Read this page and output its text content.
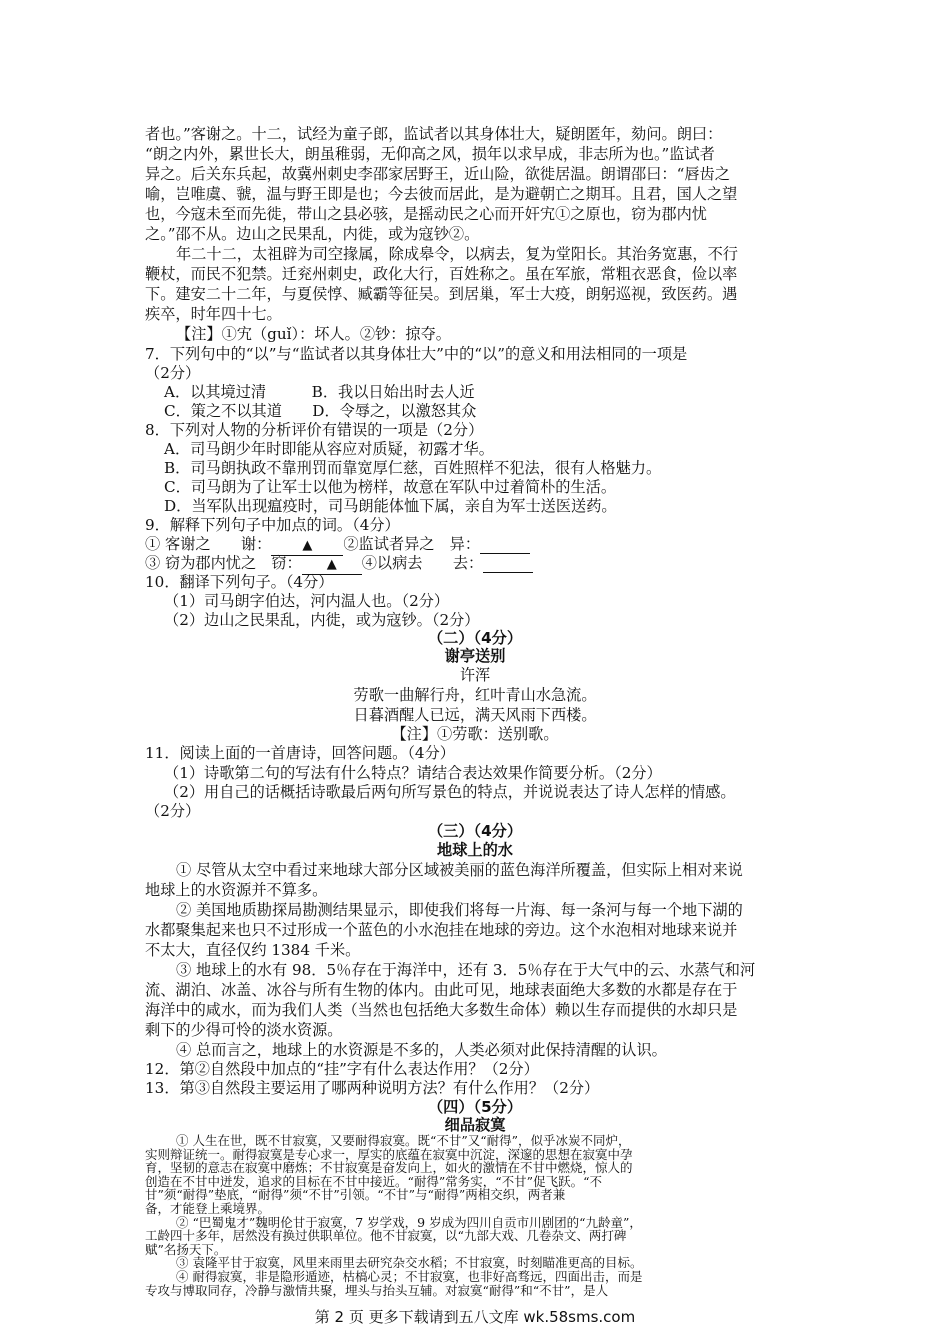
者也。”客谢之。十二，试经为童子郎，监试者以其身体壮大，疑朗匿年，劾问。朗曰：
“朗之内外，累世长大，朗虽稚弱，无仰高之风，损年以求早成，非志所为也。”监试者
异之。后关东兵起，故冀州刺史李邵家居野王，近山险，欲徙居温。朗谓邵曰：“唇齿之
喻，岂唯虞、虢，温与野王即是也；今去彼而居此，是为避朝亡之期耳。且君，国人之望
也，今寇未至而先徙，带山之县必骇，是摇动民之心而开奸宄①之原也，窃为郡内忧
之。”邵不从。边山之民果乱，内徙，或为寇钞②。
年二十二，太祖辟为司空掾属，除成皋令，以病去，复为堂阳长。其治务宽惠，不行
鞭杖，而民不犯禁。迁兖州刺史，政化大行，百姓称之。虽在军旅，常粗衣恶食，俭以率
下。建安二十二年，与夏侯惇、臧霸等征吴。到居巢，军士大疫，朗躬巡视，致医药。遇
疾卒，时年四十七。
【注】①宄（guǐ）：坏人。②钞：掠夺。
7．下列句中的“以”与“监试者以其身体壮大”中的“以”的意义和用法相同的一项是
（2分）
A．以其境过清　　　B．我以日始出时去人近
C．策之不以其道　　D．令辱之，以激怒其众
8．下列对人物的分析评价有错误的一项是（2分）
A．司马朗少年时即能从容应对质疑，初露才华。
B．司马朗执政不靠刑罚而靠宽厚仁慈，百姓照样不犯法，很有人格魅力。
C．司马朗为了让军士以他为榜样，故意在军队中过着简朴的生活。
D．当军队出现瘟疫时，司马朗能体恤下属，亲自为军士送医送药。
9．解释下列句子中加点的词。（4分）
① 客谢之　　谢： ▲ ②监试者异之　异：
③ 窃为郡内忧之　窃： ▲ ④以病去　　去：
10．翻译下列句子。（4分）
（1）司马朗字伯达，河内温人也。（2分）
（2）边山之民果乱，内徙，或为寇钞。（2分）
（二）（4分）
谢亭送别
许浑
劳歌一曲解行舟，红叶青山水急流。
日暮酒醒人已远，满天风雨下西楼。
【注】①劳歌：送别歌。
11．阅读上面的一首唐诗，回答问题。（4分）
（1）诗歌第二句的写法有什么特点？请结合表达效果作简要分析。（2分）
（2）用自己的话概括诗歌最后两句所写景色的特点，并说说表达了诗人怎样的情感。
（2分）
（三）（4分）
地球上的水
① 尽管从太空中看过来地球大部分区域被美丽的蓝色海洋所覆盖，但实际上相对来说
地球上的水资源并不算多。
② 美国地质勘探局勘测结果显示，即使我们将每一片海、每一条河与每一个地下湖的
水都聚集起来也只不过形成一个蓝色的小水泡挂在地球的旁边。这个水泡相对地球来说并
不太大，直径仅约 1384 千米。
③ 地球上的水有 98．5％存在于海洋中，还有 3．5％存在于大气中的云、水蒸气和河
流、湖泊、冰盖、冰谷与所有生物的体内。由此可见，地球表面绝大多数的水都是存在于
海洋中的咸水，而为我们人类（当然也包括绝大多数生命体）赖以生存而提供的水却只是
剩下的少得可怜的淡水资源。
④ 总而言之，地球上的水资源是不多的，人类必须对此保持清醒的认识。
12．第②自然段中加点的“挂”字有什么表达作用？（2分）
13．第③自然段主要运用了哪两种说明方法？有什么作用？（2分）
（四）（5分）
细品寂寞
① 人生在世，既不甘寂寞，又要耐得寂寞。既“不甘”又“耐得”，似乎冰炭不同炉，
实则辩证统一。耐得寂寞是专心求一，厚实的底蕴在寂寞中沉淀，深邃的思想在寂寞中孕
育，坚韧的意志在寂寞中磨炼；不甘寂寞是奋发向上，如火的激情在不甘中燃烧，惊人的
创造在不甘中迸发，追求的目标在不甘中接近。“耐得”常务实，“不甘”促飞跃。“不
甘”须“耐得”垫底，“耐得”须“不甘”引领。“不甘”与“耐得”两相交织，两者兼
备，才能登上乘境界。
② “巴蜀鬼才”魏明伦甘于寂寞，7 岁学戏，9 岁成为四川自贡市川剧团的“九龄童”，
工龄四十多年，居然没有换过供职单位。他不甘寂寞，以“九部大戏、几卷杂文、两打碑
赋”名扬天下。
③ 袁隆平甘于寂寞，风里来雨里去研究杂交水稻；不甘寂寞，时刻瞄准更高的目标。
④ 耐得寂寞，非是隐形遁迹，枯槁心灵；不甘寂寞，也非好高骛远，四面出击，而是
专攻与博取同存，冷静与激情共聚，埋头与抬头互辅。对寂寞“耐得”和“不甘”，是人
第 2 页 更多下载请到五八文库 wk.58sms.com
